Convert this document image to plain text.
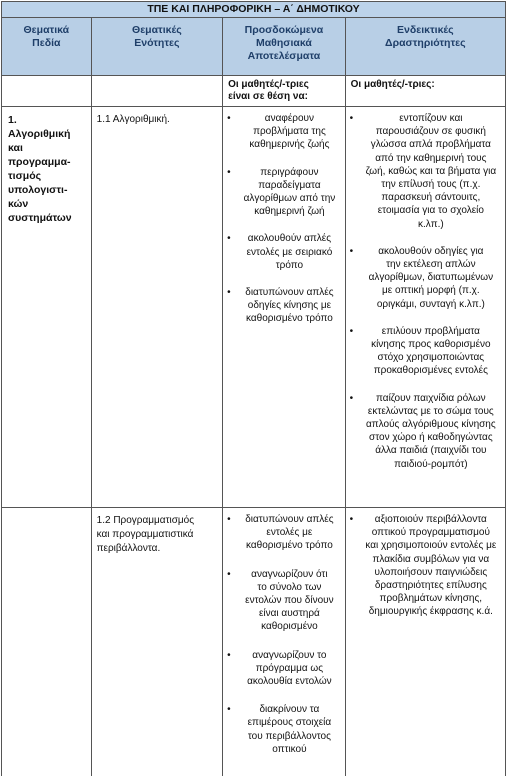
ΤΠΕ ΚΑΙ ΠΛΗΡΟΦΟΡΙΚΗ – Α΄ ΔΗΜΟΤΙΚΟΥ
Θεματικά
Πεδία
Θεματικές
Ενότητες
Προσδοκώμενα
Μαθησιακά
Αποτελέσματα
Ενδεικτικές
Δραστηριότητες
Οι μαθητές/-τριες
είναι σε θέση να:
Οι μαθητές/-τριες:
1.
Αλγοριθμική
και
προγραμμα-
τισμός
υπολογιστι-
κών
συστημάτων
1.1 Αλγοριθμική.
•	αναφέρουν
προβλήματα της
καθημερινής ζωής
• περιγράφουν
παραδείγματα
αλγορίθμων από την
καθημερινή ζωή
• ακολουθούν απλές
εντολές με σειριακό
τρόπο
• διατυπώνουν απλές
οδηγίες κίνησης με
καθορισμένο τρόπο
• εντοπίζουν και
παρουσιάζουν σε φυσική
γλώσσα απλά προβλήματα
από την καθημερινή τους
ζωή, καθώς και τα βήματα για
την επίλυσή τους (π.χ.
παρασκευή σάντουιτς,
ετοιμασία για το σχολείο
κ.λπ.)
• ακολουθούν οδηγίες για
την εκτέλεση απλών
αλγορίθμων, διατυπωμένων
με οπτική μορφή (π.χ.
οριγκάμι, συνταγή κ.λπ.)
• επιλύουν προβλήματα
κίνησης προς καθορισμένο
στόχο χρησιμοποιώντας
προκαθορισμένες εντολές
• παίζουν παιχνίδια ρόλων
εκτελώντας με το σώμα τους
απλούς αλγόριθμους κίνησης
στον χώρο ή καθοδηγώντας
άλλα παιδιά (παιχνίδι του
παιδιού-ρομπότ)
1.2 Προγραμματισμός
και προγραμματιστικά
περιβάλλοντα.
• διατυπώνουν απλές
εντολές με
καθορισμένο τρόπο
• αναγνωρίζουν ότι
το σύνολο των
εντολών που δίνουν
είναι αυστηρά
καθορισμένο
• αναγνωρίζουν το
πρόγραμμα ως
ακολουθία εντολών
• διακρίνουν τα
επιμέρους στοιχεία
του περιβάλλοντος
οπτικού
• αξιοποιούν περιβάλλοντα
οπτικού προγραμματισμού
και χρησιμοποιούν εντολές με
πλακίδια συμβόλων για να
υλοποιήσουν παιγνιώδεις
δραστηριότητες επίλυσης
προβλημάτων κίνησης,
δημιουργικής έκφρασης κ.ά.
